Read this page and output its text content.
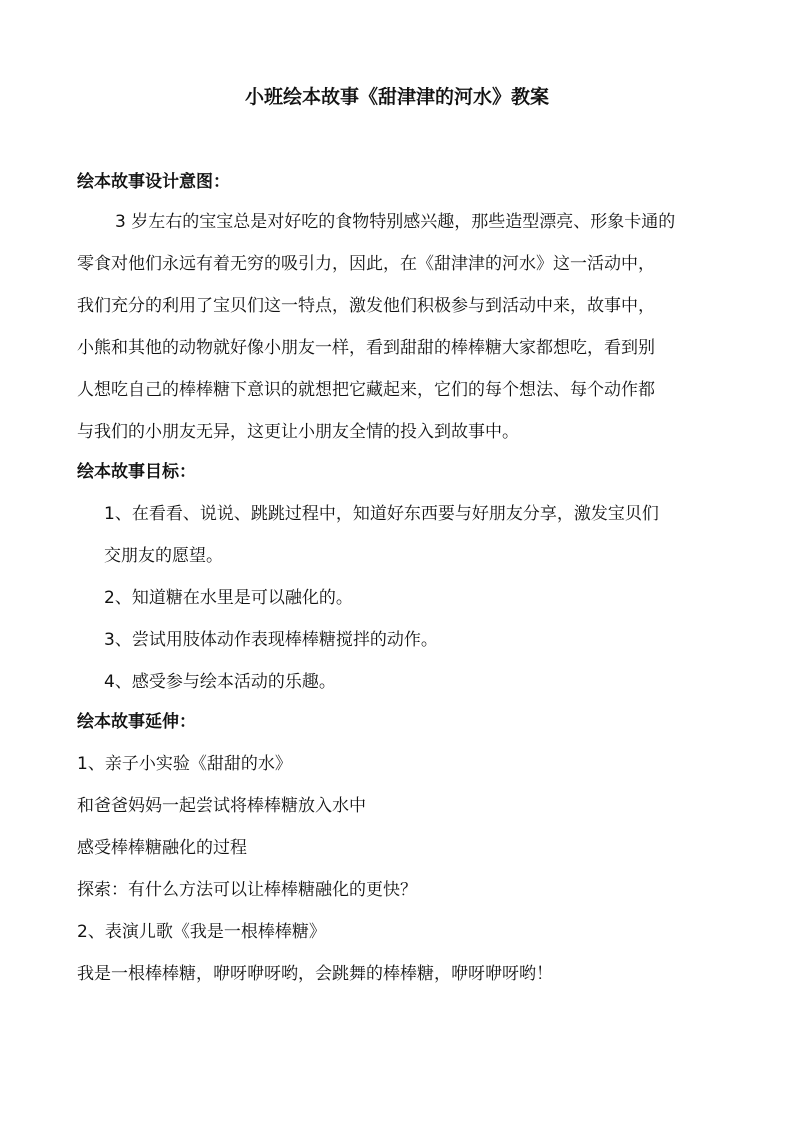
小班绘本故事《甜津津的河水》教案
绘本故事设计意图：
3 岁左右的宝宝总是对好吃的食物特别感兴趣，那些造型漂亮、形象卡通的
零食对他们永远有着无穷的吸引力，因此，在《甜津津的河水》这一活动中，
我们充分的利用了宝贝们这一特点，激发他们积极参与到活动中来，故事中，
小熊和其他的动物就好像小朋友一样，看到甜甜的棒棒糖大家都想吃，看到别
人想吃自己的棒棒糖下意识的就想把它藏起来，它们的每个想法、每个动作都
与我们的小朋友无异，这更让小朋友全情的投入到故事中。
绘本故事目标：
1、在看看、说说、跳跳过程中，知道好东西要与好朋友分享，激发宝贝们
交朋友的愿望。
2、知道糖在水里是可以融化的。
3、尝试用肢体动作表现棒棒糖搅拌的动作。
4、感受参与绘本活动的乐趣。
绘本故事延伸：
1、亲子小实验《甜甜的水》
和爸爸妈妈一起尝试将棒棒糖放入水中
感受棒棒糖融化的过程
探索：有什么方法可以让棒棒糖融化的更快？
2、表演儿歌《我是一根棒棒糖》
我是一根棒棒糖，咿呀咿呀哟，会跳舞的棒棒糖，咿呀咿呀哟！
